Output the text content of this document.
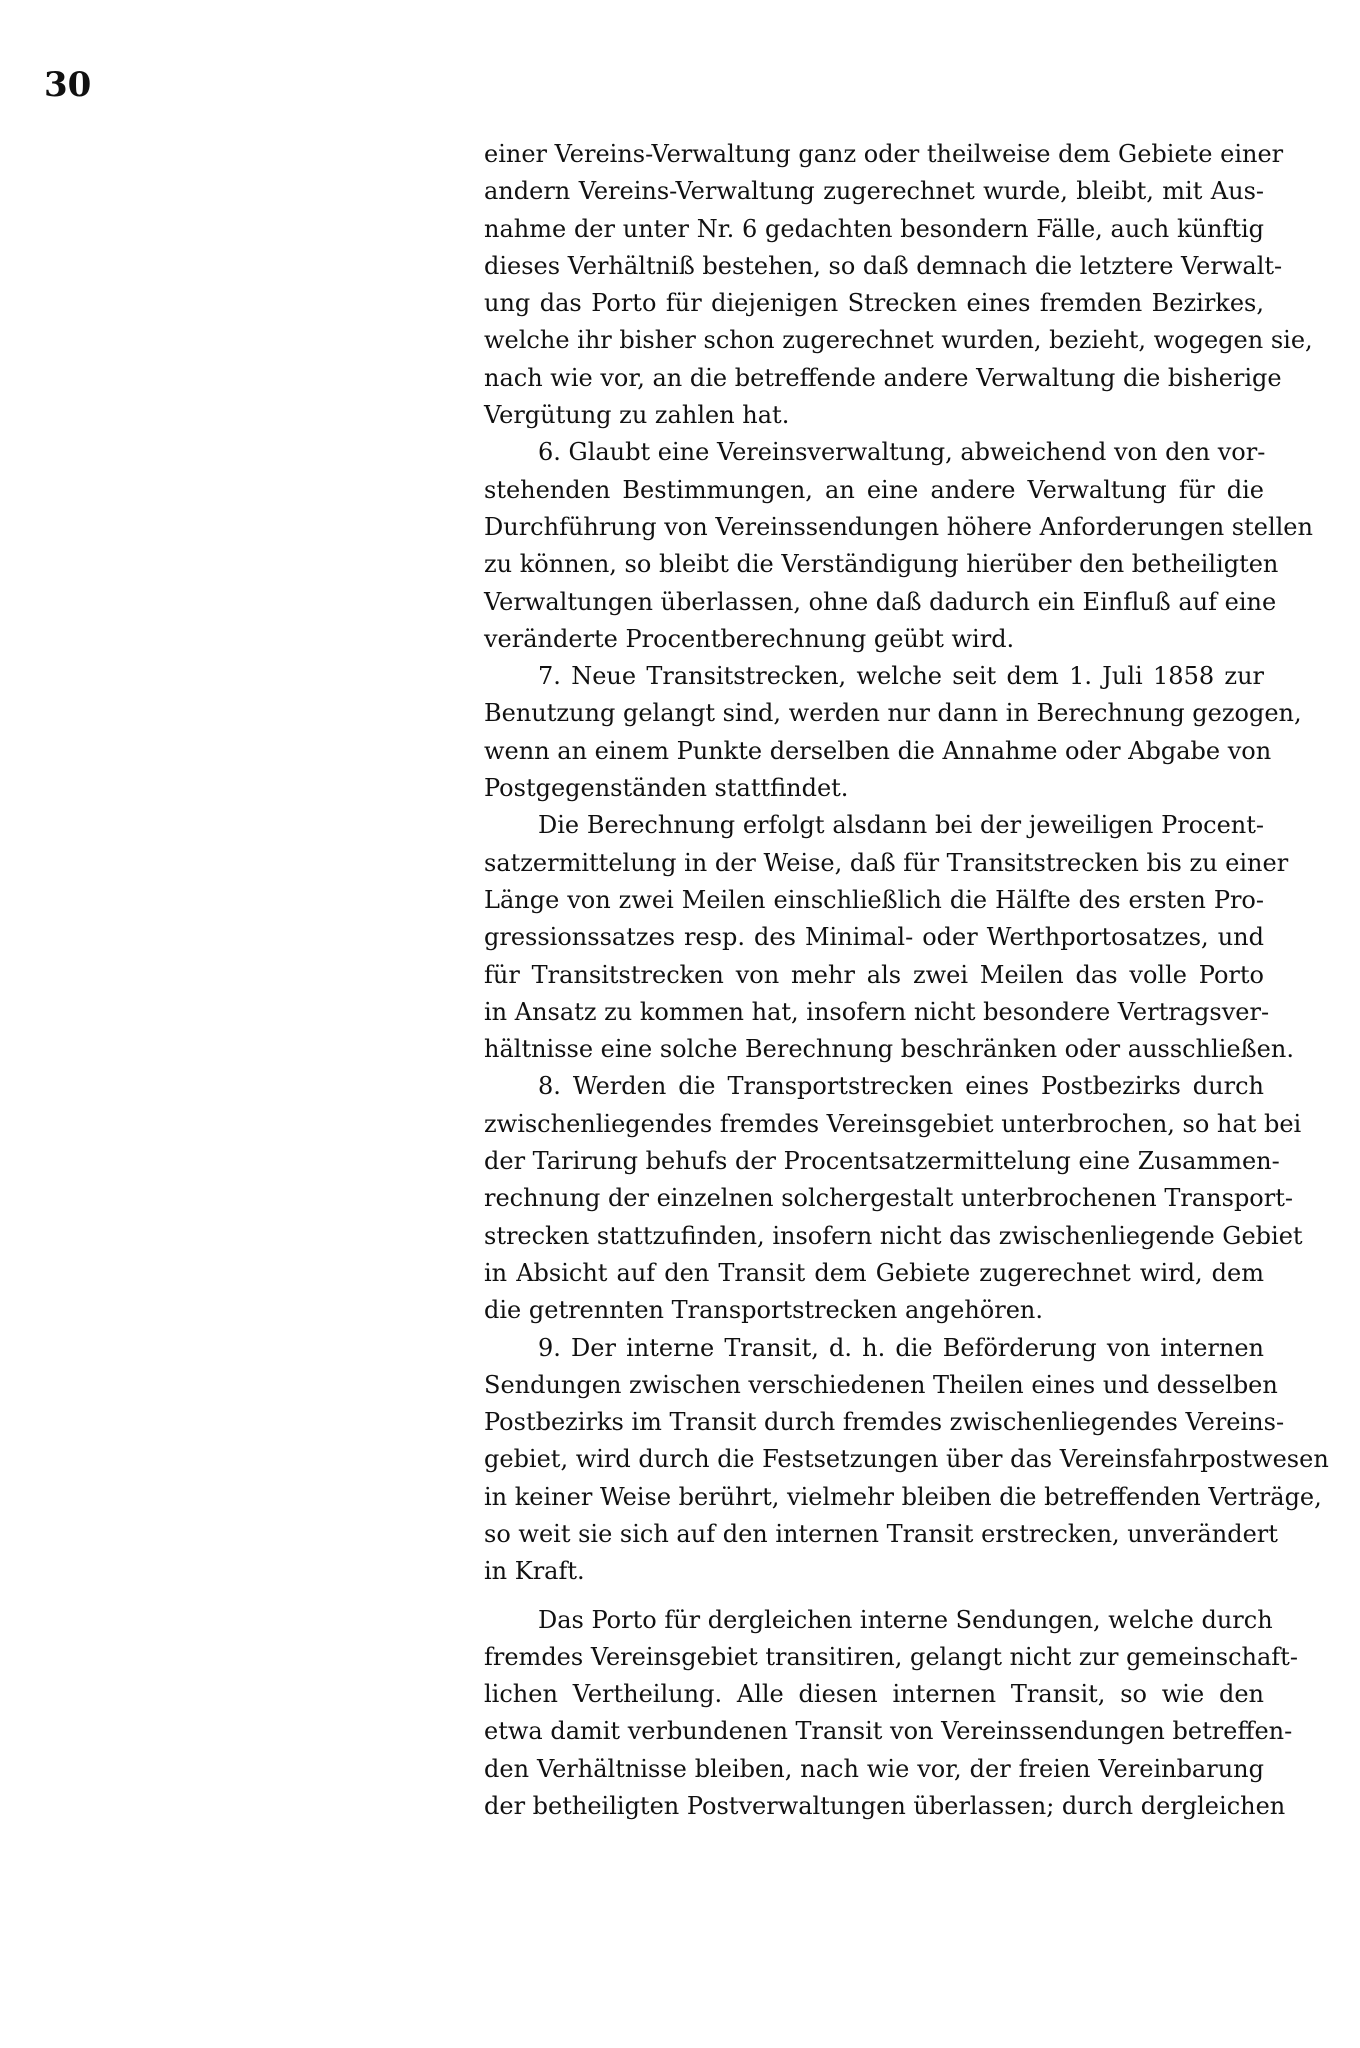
30
einer Vereins-Verwaltung ganz oder theilweise dem Gebiete einer
andern Vereins-Verwaltung zugerechnet wurde, bleibt, mit Aus-
nahme der unter Nr. 6 gedachten besondern Fälle, auch künftig
dieses Verhältniß bestehen, so daß demnach die letztere Verwalt-
ung das Porto für diejenigen Strecken eines fremden Bezirkes,
welche ihr bisher schon zugerechnet wurden, bezieht, wogegen sie,
nach wie vor, an die betreffende andere Verwaltung die bisherige
Vergütung zu zahlen hat.
6. Glaubt eine Vereinsverwaltung, abweichend von den vor-
stehenden Bestimmungen, an eine andere Verwaltung für die
Durchführung von Vereinssendungen höhere Anforderungen stellen
zu können, so bleibt die Verständigung hierüber den betheiligten
Verwaltungen überlassen, ohne daß dadurch ein Einfluß auf eine
veränderte Procentberechnung geübt wird.
7. Neue Transitstrecken, welche seit dem 1. Juli 1858 zur
Benutzung gelangt sind, werden nur dann in Berechnung gezogen,
wenn an einem Punkte derselben die Annahme oder Abgabe von
Postgegenständen stattfindet.
Die Berechnung erfolgt alsdann bei der jeweiligen Procent-
satzermittelung in der Weise, daß für Transitstrecken bis zu einer
Länge von zwei Meilen einschließlich die Hälfte des ersten Pro-
gressionssatzes resp. des Minimal- oder Werthportosatzes, und
für Transitstrecken von mehr als zwei Meilen das volle Porto
in Ansatz zu kommen hat, insofern nicht besondere Vertragsver-
hältnisse eine solche Berechnung beschränken oder ausschließen.
8. Werden die Transportstrecken eines Postbezirks durch
zwischenliegendes fremdes Vereinsgebiet unterbrochen, so hat bei
der Tarirung behufs der Procentsatzermittelung eine Zusammen-
rechnung der einzelnen solchergestalt unterbrochenen Transport-
strecken stattzufinden, insofern nicht das zwischenliegende Gebiet
in Absicht auf den Transit dem Gebiete zugerechnet wird, dem
die getrennten Transportstrecken angehören.
9. Der interne Transit, d. h. die Beförderung von internen
Sendungen zwischen verschiedenen Theilen eines und desselben
Postbezirks im Transit durch fremdes zwischenliegendes Vereins-
gebiet, wird durch die Festsetzungen über das Vereinsfahrpostwesen
in keiner Weise berührt, vielmehr bleiben die betreffenden Verträge,
so weit sie sich auf den internen Transit erstrecken, unverändert
in Kraft.
Das Porto für dergleichen interne Sendungen, welche durch
fremdes Vereinsgebiet transitiren, gelangt nicht zur gemeinschaft-
lichen Vertheilung. Alle diesen internen Transit, so wie den
etwa damit verbundenen Transit von Vereinssendungen betreffen-
den Verhältnisse bleiben, nach wie vor, der freien Vereinbarung
der betheiligten Postverwaltungen überlassen; durch dergleichen
